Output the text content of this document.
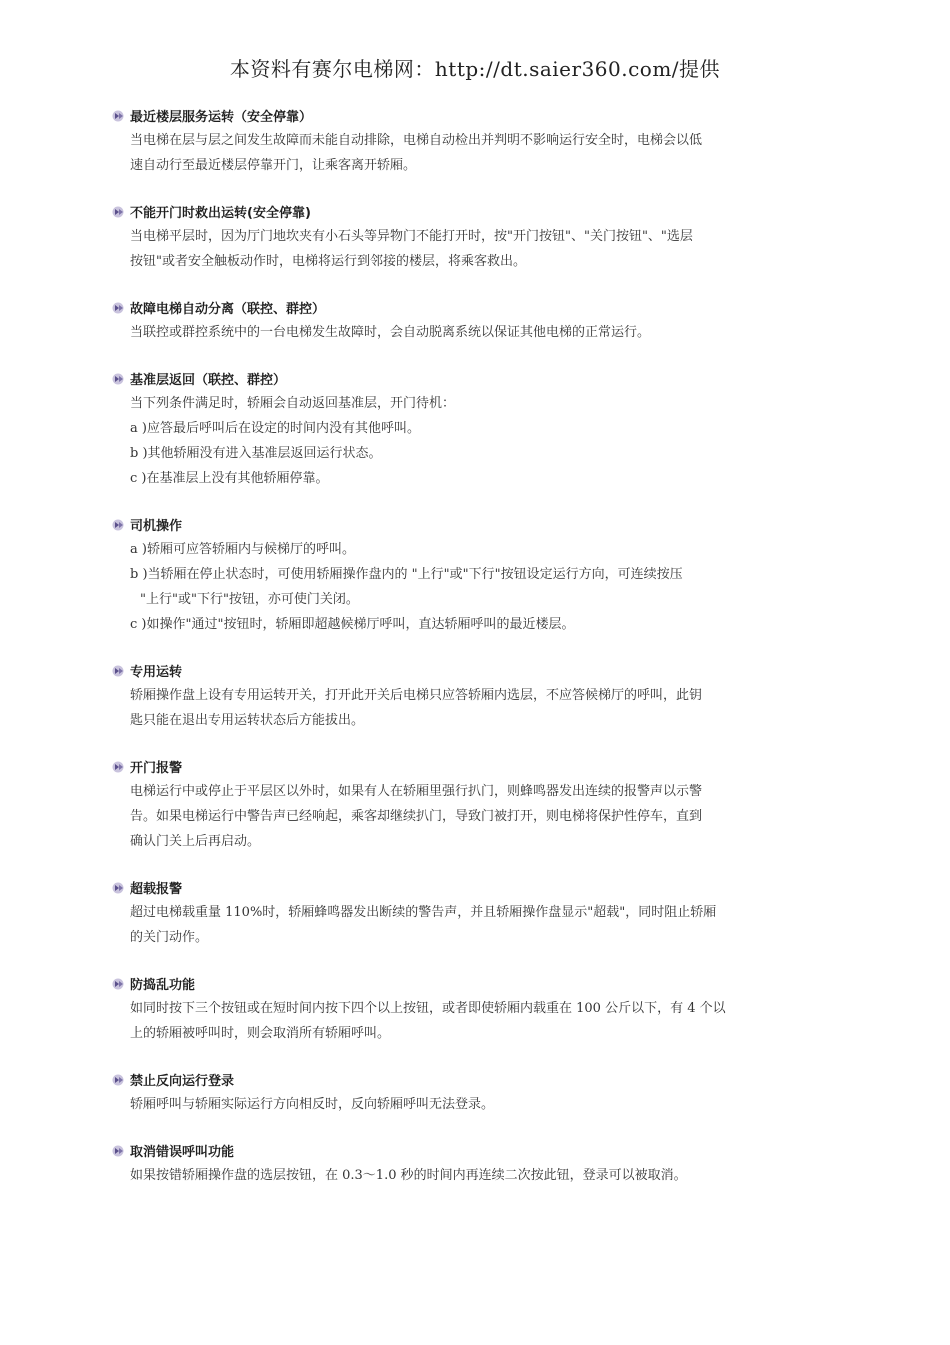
本资料有赛尔电梯网：http://dt.saier360.com/提供
最近楼层服务运转（安全停靠）
当电梯在层与层之间发生故障而未能自动排除，电梯自动检出并判明不影响运行安全时，电梯会以低
速自动行至最近楼层停靠开门，让乘客离开轿厢。
不能开门时救出运转(安全停靠)
当电梯平层时，因为厅门地坎夹有小石头等异物门不能打开时，按"开门按钮"、"关门按钮"、"选层
按钮"或者安全触板动作时，电梯将运行到邻接的楼层，将乘客救出。
故障电梯自动分离（联控、群控）
当联控或群控系统中的一台电梯发生故障时，会自动脱离系统以保证其他电梯的正常运行。
基准层返回（联控、群控）
当下列条件满足时，轿厢会自动返回基准层，开门待机：
a )应答最后呼叫后在设定的时间内没有其他呼叫。
b )其他轿厢没有进入基准层返回运行状态。
c )在基准层上没有其他轿厢停靠。
司机操作
a )轿厢可应答轿厢内与候梯厅的呼叫。
b )当轿厢在停止状态时，可使用轿厢操作盘内的 "上行"或"下行"按钮设定运行方向，可连续按压
"上行"或"下行"按钮，亦可使门关闭。
c )如操作"通过"按钮时，轿厢即超越候梯厅呼叫，直达轿厢呼叫的最近楼层。
专用运转
轿厢操作盘上设有专用运转开关，打开此开关后电梯只应答轿厢内选层，不应答候梯厅的呼叫，此钥
匙只能在退出专用运转状态后方能拔出。
开门报警
电梯运行中或停止于平层区以外时，如果有人在轿厢里强行扒门，则蜂鸣器发出连续的报警声以示警
告。如果电梯运行中警告声已经响起，乘客却继续扒门，导致门被打开，则电梯将保护性停车，直到
确认门关上后再启动。
超载报警
超过电梯载重量 110%时，轿厢蜂鸣器发出断续的警告声，并且轿厢操作盘显示"超载"，同时阻止轿厢
的关门动作。
防捣乱功能
如同时按下三个按钮或在短时间内按下四个以上按钮，或者即使轿厢内载重在 100 公斤以下，有 4 个以
上的轿厢被呼叫时，则会取消所有轿厢呼叫。
禁止反向运行登录
轿厢呼叫与轿厢实际运行方向相反时，反向轿厢呼叫无法登录。
取消错误呼叫功能
如果按错轿厢操作盘的选层按钮，在 0.3～1.0 秒的时间内再连续二次按此钮，登录可以被取消。
